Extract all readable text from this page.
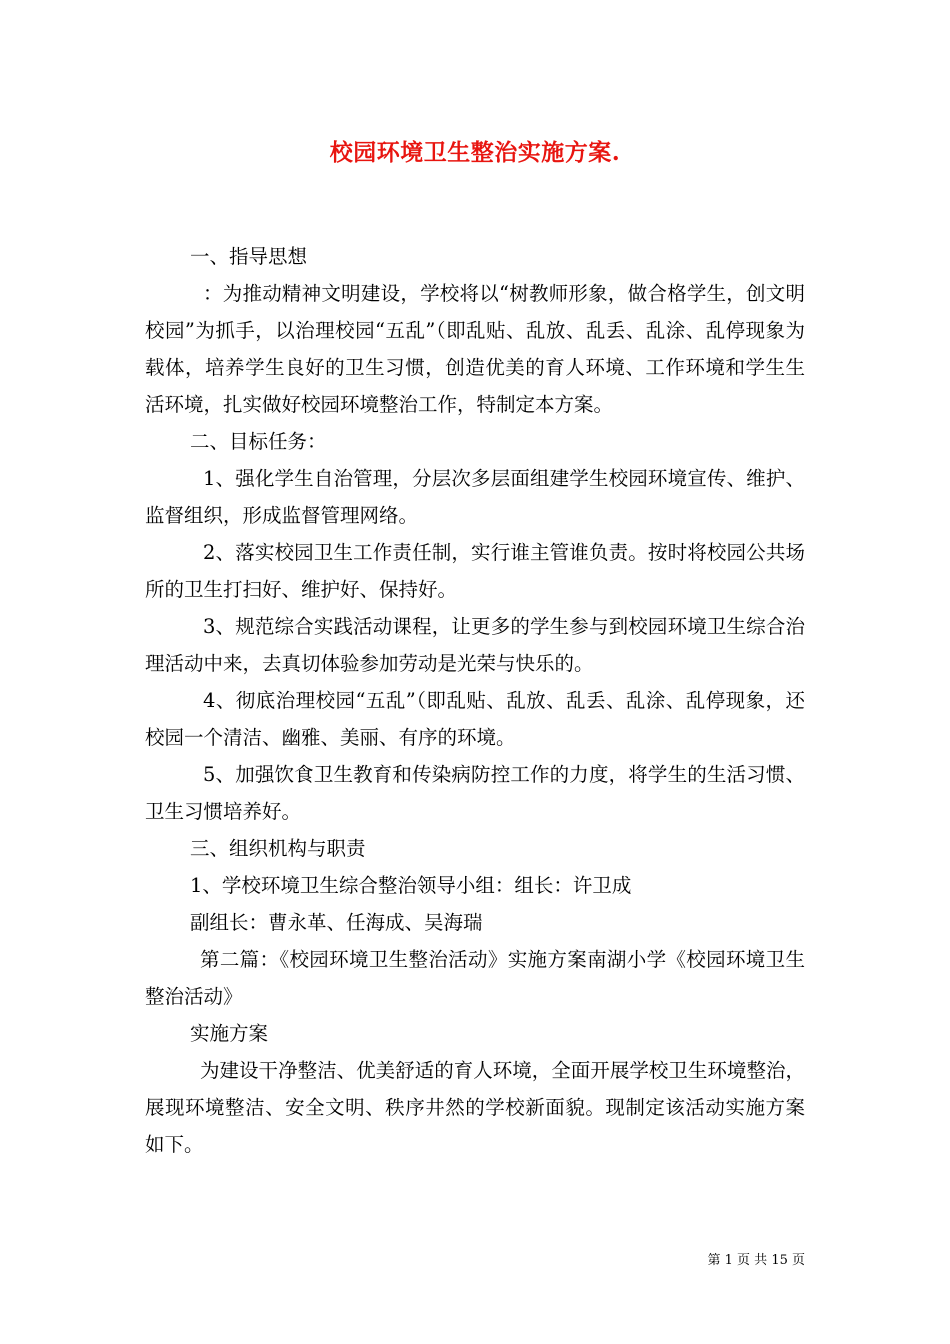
校园环境卫生整治实施方案.

一、指导思想

：为推动精神文明建设，学校将以“树教师形象，做合格学生，创文明校园”为抓手，以治理校园“五乱”（即乱贴、乱放、乱丢、乱涂、乱停现象为载体，培养学生良好的卫生习惯，创造优美的育人环境、工作环境和学生生活环境，扎实做好校园环境整治工作，特制定本方案。

二、目标任务：

1、强化学生自治管理，分层次多层面组建学生校园环境宣传、维护、监督组织，形成监督管理网络。

2、落实校园卫生工作责任制，实行谁主管谁负责。按时将校园公共场所的卫生打扫好、维护好、保持好。

3、规范综合实践活动课程，让更多的学生参与到校园环境卫生综合治理活动中来，去真切体验参加劳动是光荣与快乐的。

4、彻底治理校园“五乱”（即乱贴、乱放、乱丢、乱涂、乱停现象，还校园一个清洁、幽雅、美丽、有序的环境。

5、加强饮食卫生教育和传染病防控工作的力度，将学生的生活习惯、卫生习惯培养好。

三、组织机构与职责

1、学校环境卫生综合整治领导小组：组长：许卫成

副组长：曹永革、任海成、吴海瑞

第二篇：《校园环境卫生整治活动》实施方案南湖小学《校园环境卫生整治活动》

实施方案

为建设干净整洁、优美舒适的育人环境，全面开展学校卫生环境整治，展现环境整洁、安全文明、秩序井然的学校新面貌。现制定该活动实施方案如下。

第 1 页 共 15 页
